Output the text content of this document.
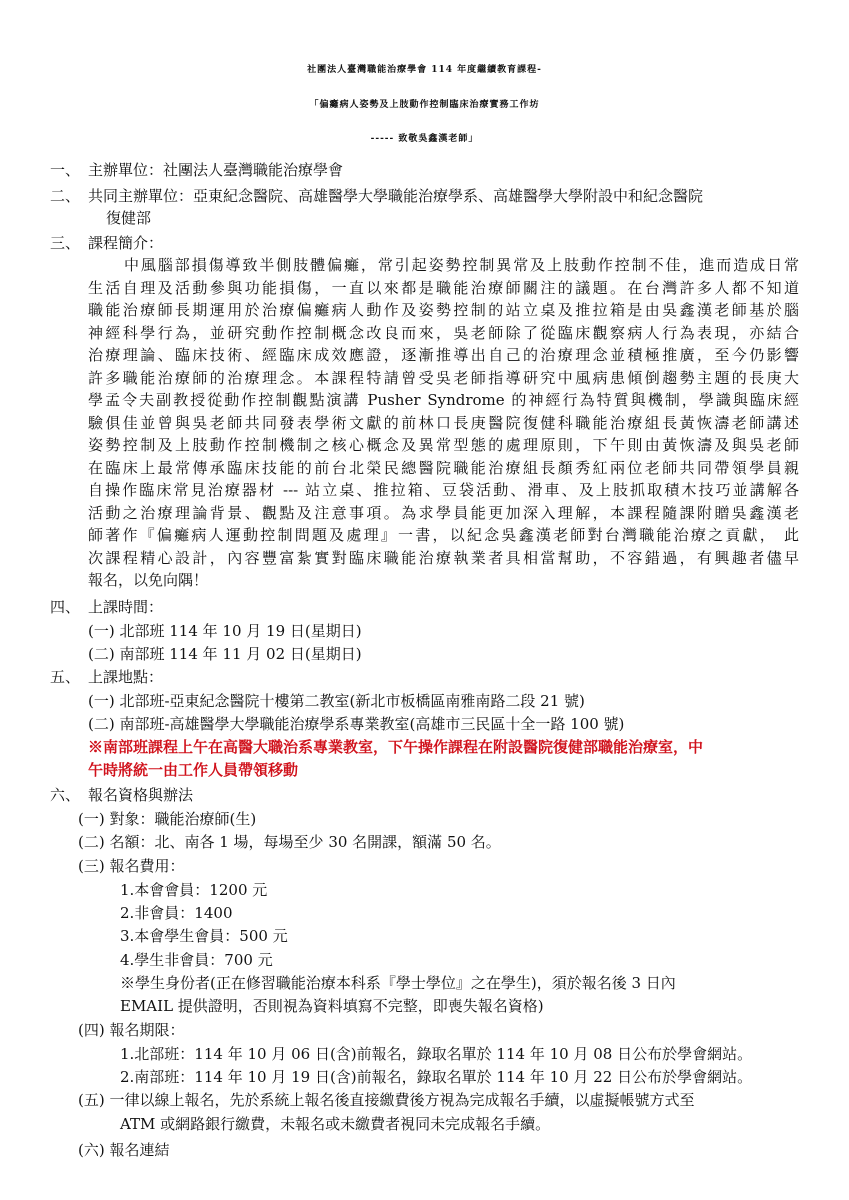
社團法人臺灣職能治療學會 114 年度繼續教育課程-
「偏癱病人姿勢及上肢動作控制臨床治療實務工作坊
----- 致敬吳鑫漢老師」
一、 主辦單位：社團法人臺灣職能治療學會
二、 共同主辦單位：亞東紀念醫院、高雄醫學大學職能治療學系、高雄醫學大學附設中和紀念醫院
復健部
三、 課程簡介：
中風腦部損傷導致半側肢體偏癱，常引起姿勢控制異常及上肢動作控制不佳，進而造成日常
生活自理及活動參與功能損傷，一直以來都是職能治療師關注的議題。在台灣許多人都不知道
職能治療師長期運用於治療偏癱病人動作及姿勢控制的站立桌及推拉箱是由吳鑫漢老師基於腦
神經科學行為，並研究動作控制概念改良而來，吳老師除了從臨床觀察病人行為表現，亦結合
治療理論、臨床技術、經臨床成效應證，逐漸推導出自己的治療理念並積極推廣，至今仍影響
許多職能治療師的治療理念。本課程特請曾受吳老師指導研究中風病患傾倒趨勢主題的長庚大
學孟令夫副教授從動作控制觀點演講 Pusher Syndrome 的神經行為特質與機制，學識與臨床經
驗俱佳並曾與吳老師共同發表學術文獻的前林口長庚醫院復健科職能治療組長黃恢濤老師講述
姿勢控制及上肢動作控制機制之核心概念及異常型態的處理原則，下午則由黃恢濤及與吳老師
在臨床上最常傳承臨床技能的前台北榮民總醫院職能治療組長顏秀紅兩位老師共同帶領學員親
自操作臨床常見治療器材 --- 站立桌、推拉箱、豆袋活動、滑車、及上肢抓取積木技巧並講解各
活動之治療理論背景、觀點及注意事項。為求學員能更加深入理解，本課程隨課附贈吳鑫漢老
師著作『偏癱病人運動控制問題及處理』一書，以紀念吳鑫漢老師對台灣職能治療之貢獻， 此
次課程精心設計，內容豐富紮實對臨床職能治療執業者具相當幫助，不容錯過，有興趣者儘早
報名，以免向隅！
四、 上課時間：
(一) 北部班 114 年 10 月 19 日(星期日)
(二) 南部班 114 年 11 月 02 日(星期日)
五、 上課地點：
(一) 北部班-亞東紀念醫院十樓第二教室(新北市板橋區南雅南路二段 21 號)
(二) 南部班-高雄醫學大學職能治療學系專業教室(高雄市三民區十全一路 100 號)
※南部班課程上午在高醫大職治系專業教室，下午操作課程在附設醫院復健部職能治療室，中
午時將統一由工作人員帶領移動
六、 報名資格與辦法
(一) 對象：職能治療師(生)
(二) 名額：北、南各 1 場，每場至少 30 名開課，額滿 50 名。
(三) 報名費用：
1.本會會員：1200 元
2.非會員：1400
3.本會學生會員：500 元
4.學生非會員：700 元
※學生身份者(正在修習職能治療本科系『學士學位』之在學生)，須於報名後 3 日內
EMAIL 提供證明，否則視為資料填寫不完整，即喪失報名資格)
(四) 報名期限：
1.北部班：114 年 10 月 06 日(含)前報名，錄取名單於 114 年 10 月 08 日公布於學會網站。
2.南部班：114 年 10 月 19 日(含)前報名，錄取名單於 114 年 10 月 22 日公布於學會網站。
(五) 一律以線上報名，先於系統上報名後直接繳費後方視為完成報名手續，以虛擬帳號方式至
ATM 或網路銀行繳費，未報名或未繳費者視同未完成報名手續。
(六) 報名連結
